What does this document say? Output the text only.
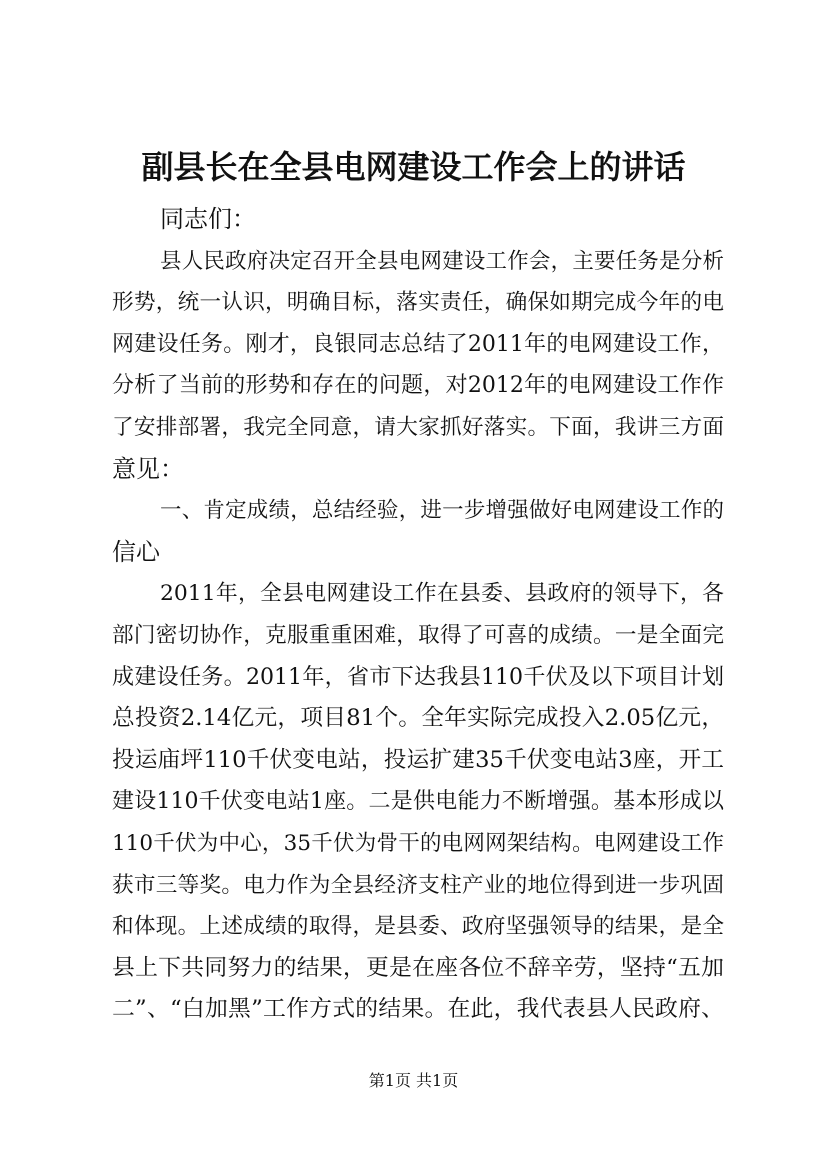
副县长在全县电网建设工作会上的讲话
同志们：
县人民政府决定召开全县电网建设工作会，主要任务是分析
形势，统一认识，明确目标，落实责任，确保如期完成今年的电
网建设任务。刚才，良银同志总结了2011年的电网建设工作，
分析了当前的形势和存在的问题，对2012年的电网建设工作作
了安排部署，我完全同意，请大家抓好落实。下面，我讲三方面
意见：
一、肯定成绩，总结经验，进一步增强做好电网建设工作的
信心
2011年，全县电网建设工作在县委、县政府的领导下，各
部门密切协作，克服重重困难，取得了可喜的成绩。一是全面完
成建设任务。2011年，省市下达我县110千伏及以下项目计划
总投资2.14亿元，项目81个。全年实际完成投入2.05亿元，
投运庙坪110千伏变电站，投运扩建35千伏变电站3座，开工
建设110千伏变电站1座。二是供电能力不断增强。基本形成以
110千伏为中心，35千伏为骨干的电网网架结构。电网建设工作
获市三等奖。电力作为全县经济支柱产业的地位得到进一步巩固
和体现。上述成绩的取得，是县委、政府坚强领导的结果，是全
县上下共同努力的结果，更是在座各位不辞辛劳，坚持“五加
二”、“白加黑”工作方式的结果。在此，我代表县人民政府、
第1页 共1页
